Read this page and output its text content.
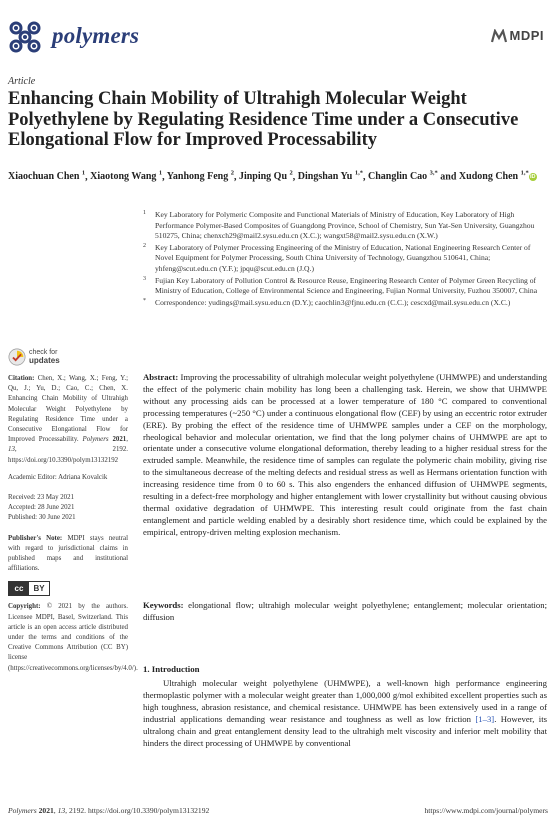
polymers	MDPI
Article
Enhancing Chain Mobility of Ultrahigh Molecular Weight Polyethylene by Regulating Residence Time under a Consecutive Elongational Flow for Improved Processability
Xiaochuan Chen $^1$, Xiaotong Wang $^1$, Yanhong Feng $^2$, Jinping Qu $^2$, Dingshan Yu $^{1,*}$, Changlin Cao $^{3,*}$ and Xudong Chen $^{1,*}$iD
1 Key Laboratory for Polymeric Composite and Functional Materials of Ministry of Education, Key Laboratory of High Performance Polymer-Based Composites of Guangdong Province, School of Chemistry, Sun Yat-Sen University, Guangzhou 510275, China; chenxch29@mail2.sysu.edu.cn (X.C.); wangxt58@mail2.sysu.edu.cn (X.W.)
2 Key Laboratory of Polymer Processing Engineering of the Ministry of Education, National Engineering Research Center of Novel Equipment for Polymer Processing, South China University of Technology, Guangzhou 510641, China; yhfeng@scut.edu.cn (Y.F.); jpqu@scut.edu.cn (J.Q.)
3 Fujian Key Laboratory of Pollution Control & Resource Reuse, Engineering Research Center of Polymer Green Recycling of Ministry of Education, College of Environmental Science and Engineering, Fujian Normal University, Fuzhou 350007, China
* Correspondence: yudings@mail.sysu.edu.cn (D.Y.); caochlin3@fjnu.edu.cn (C.C.); cescxd@mail.sysu.edu.cn (X.C.)
check for
updates

Citation: Chen, X.; Wang, X.; Feng, Y.; Qu, J.; Yu, D.; Cao, C.; Chen, X. Enhancing Chain Mobility of Ultrahigh Molecular Weight Polyethylene by Regulating Residence Time under a Consecutive Elongational Flow for Improved Processability. Polymers 2021, 13, 2192. https://doi.org/10.3390/polym13132192

Academic Editor: Adriana Kovalcik

Received: 23 May 2021
Accepted: 28 June 2021
Published: 30 June 2021

Publisher's Note: MDPI stays neutral with regard to jurisdictional claims in published maps and institutional affiliations.

cc	BY

Copyright: © 2021 by the authors. Licensee MDPI, Basel, Switzerland. This article is an open access article distributed under the terms and conditions of the Creative Commons Attribution (CC BY) license (https://creativecommons.org/licenses/by/4.0/).

Abstract: Improving the processability of ultrahigh molecular weight polyethylene (UHMWPE) and understanding the effect of the polymeric chain mobility has long been a challenging task. Herein, we show that UHMWPE without any processing aids can be processed at a lower temperature of 180 °C compared to conventional processing temperatures (~250 °C) under a continuous elongational flow (CEF) by using an eccentric rotor extruder (ERE). By probing the effect of the residence time of UHMWPE samples under a CEF on the morphology, rheological behavior and molecular orientation, we find that the long polymer chains of UHMWPE are apt to orientate under a consecutive volume elongational deformation, thereby leading to a higher residual stress for the extruded sample. Meanwhile, the residence time of samples can regulate the polymeric chain mobility, giving rise to the simultaneous decrease of the melting defects and residual stress as well as Hermans orientation function with increasing residence time from 0 to 60 s. This also engenders the enhanced diffusion of UHMWPE segments, resulting in a defect-free morphology and higher entanglement with lower crystallinity but without causing obvious thermal oxidative degradation of UHMWPE. This interesting result could originate from the fast chain entanglement and particle welding enabled by a desirably short residence time, which could be explained by the empirical, entropy-driven melting explosion mechanism.
Keywords: elongational flow; ultrahigh molecular weight polyethylene; entanglement; molecular orientation; diffusion
1. Introduction
Ultrahigh molecular weight polyethylene (UHMWPE), a well-known high performance engineering thermoplastic polymer with a molecular weight greater than 1,000,000 g/mol exhibited excellent properties such as high toughness, abrasion resistance, and chemical resistance. UHMWPE has been extensively used in a range of industrial applications demanding wear resistance and toughness as well as low friction [1–3]. However, its ultralong chain and great entanglement density lead to the ultrahigh melt viscosity and inferior melt mobility that hinders the direct processing of UHMWPE by conventional
Polymers 2021, 13, 2192. https://doi.org/10.3390/polym13132192	https://www.mdpi.com/journal/polymers
